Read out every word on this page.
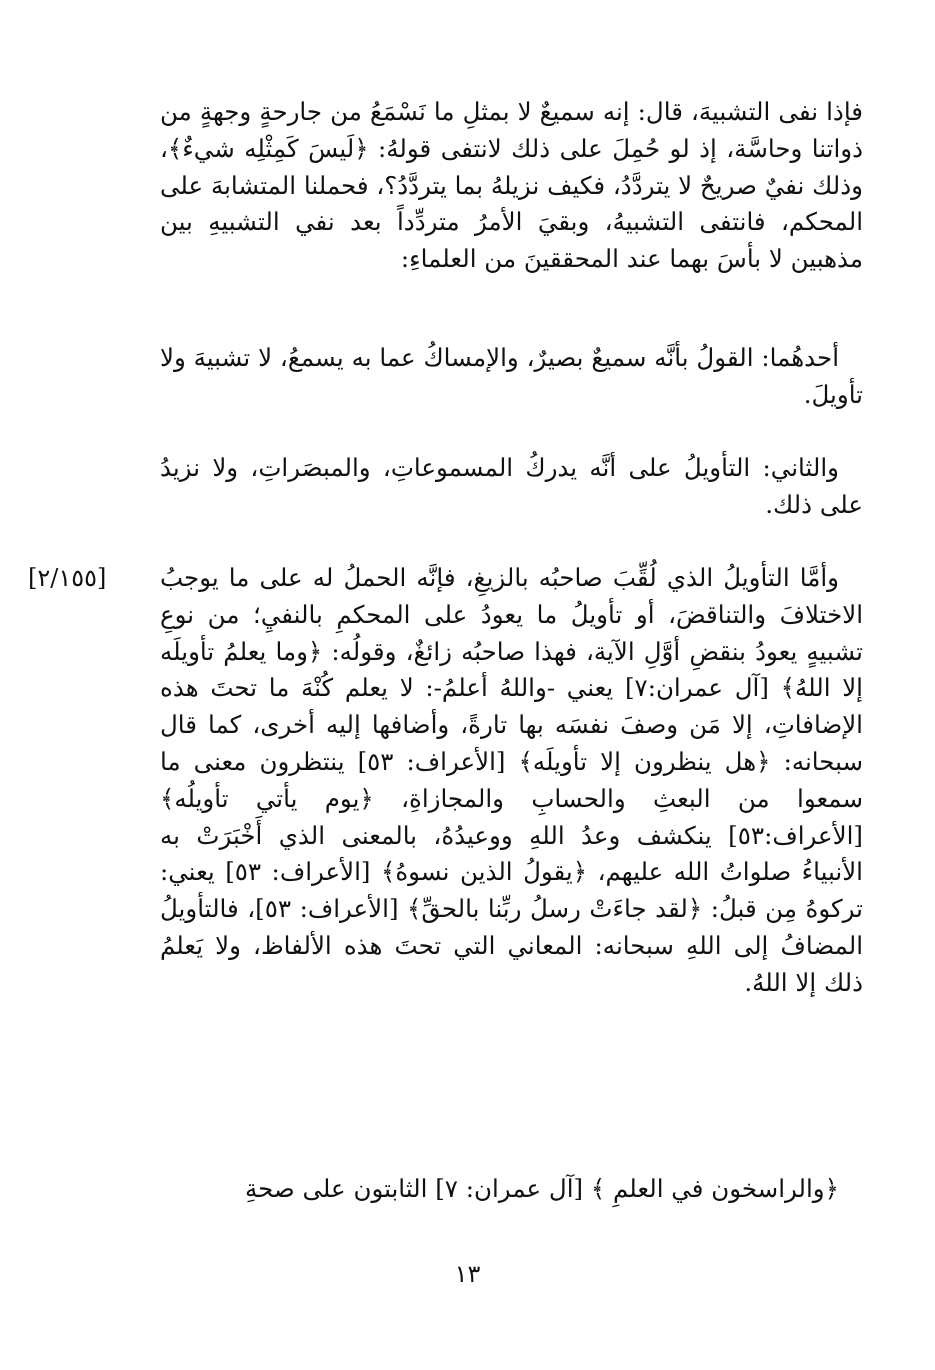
فإذا نفى التشبيهَ، قال: إنه سميعٌ لا بمثلِ ما نَسْمَعُ من جارحةٍ وجهةٍ من ذواتنا وحاسَّة، إذ لو حُمِلَ على ذلك لانتفى قولهُ: ﴿لَيسَ كَمِثْلِه شيءٌ﴾، وذلك نفيٌ صريحٌ لا يتردَّدُ، فكيف نزيلهُ بما يتردَّدُ؟، فحملنا المتشابهَ على المحكم، فانتفى التشبيهُ، وبقيَ الأمرُ متردِّداً بعد نفي التشبيهِ بين مذهبين لا بأسَ بهما عند المحققينَ من العلماءِ:

أحدهُما: القولُ بأنَّه سميعٌ بصيرٌ، والإمساكُ عما به يسمعُ، لا تشبيهَ ولا تأويلَ.

والثاني: التأويلُ على أنَّه يدركُ المسموعاتِ، والمبصَراتِ، ولا نزيدُ على ذلك.

[٢/١٥٥]	وأمَّا التأويلُ الذي لُقِّبَ صاحبُه بالزيغِ، فإنَّه الحملُ له على ما يوجبُ الاختلافَ والتناقضَ، أو تأويلُ ما يعودُ على المحكمِ بالنفيِ؛ من نوعِ تشبيهٍ يعودُ بنقضِ أوَّلِ الآية، فهذا صاحبُه زائغٌ، وقولُه: ﴿وما يعلمُ تأويلَه إلا اللهُ﴾ [آل عمران:٧] يعني -واللهُ أعلمُ-: لا يعلم كُنْهَ ما تحتَ هذه الإضافاتِ، إلا مَن وصفَ نفسَه بها تارةً، وأضافها إليه أخرى، كما قال سبحانه: ﴿هل ينظرون إلا تأويلَه﴾ [الأعراف: ٥٣] ينتظرون معنى ما سمعوا من البعثِ والحسابِ والمجازاةِ، ﴿يوم يأتي تأويلُه﴾ [الأعراف:٥٣] ينكشف وعدُ اللهِ ووعيدُهُ، بالمعنى الذي أَخْبَرَتْ به الأنبياءُ صلواتُ الله عليهم، ﴿يقولُ الذين نسوهُ﴾ [الأعراف: ٥٣] يعني: تركوهُ مِن قبلُ: ﴿لقد جاءَتْ رسلُ ربِّنا بالحقِّ﴾ [الأعراف: ٥٣]، فالتأويلُ المضافُ إلى اللهِ سبحانه: المعاني التي تحتَ هذه الألفاظ، ولا يَعلمُ ذلك إلا اللهُ.

﴿والراسخون في العلمِ ﴾ [آل عمران: ٧] الثابتون على صحةِ

١٣
